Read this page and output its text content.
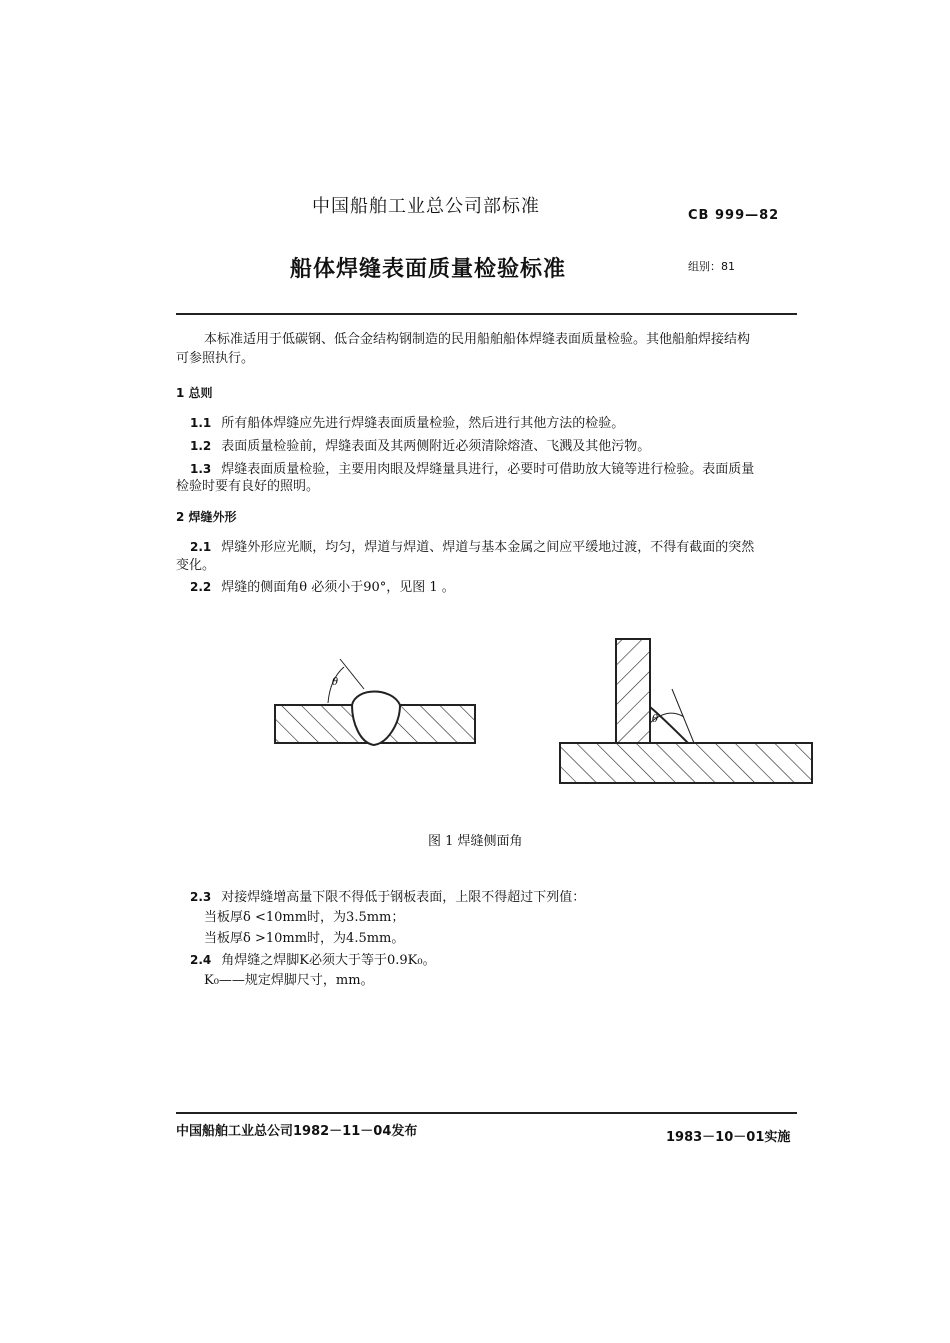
中国船舶工业总公司部标准	CB 999—82
船体焊缝表面质量检验标准	组别：81
本标准适用于低碳钢、低合金结构钢制造的民用船舶船体焊缝表面质量检验。其他船舶焊接结构
可参照执行。
1 总则
1.1 所有船体焊缝应先进行焊缝表面质量检验，然后进行其他方法的检验。
1.2 表面质量检验前，焊缝表面及其两侧附近必须清除熔渣、飞溅及其他污物。
1.3 焊缝表面质量检验，主要用肉眼及焊缝量具进行，必要时可借助放大镜等进行检验。表面质量
检验时要有良好的照明。
2 焊缝外形
2.1 焊缝外形应光顺，均匀，焊道与焊道、焊道与基本金属之间应平缓地过渡，不得有截面的突然
变化。
2.2 焊缝的侧面角θ 必须小于90°，见图 1 。
θ
θ
图 1 焊缝侧面角
2.3 对接焊缝增高量下限不得低于钢板表面，上限不得超过下列值：
当板厚δ <10mm时，为3.5mm；
当板厚δ >10mm时，为4.5mm。
2.4 角焊缝之焊脚K必须大于等于0.9K₀。
K₀——规定焊脚尺寸，mm。
中国船舶工业总公司1982－11－04发布	1983－10－01实施
